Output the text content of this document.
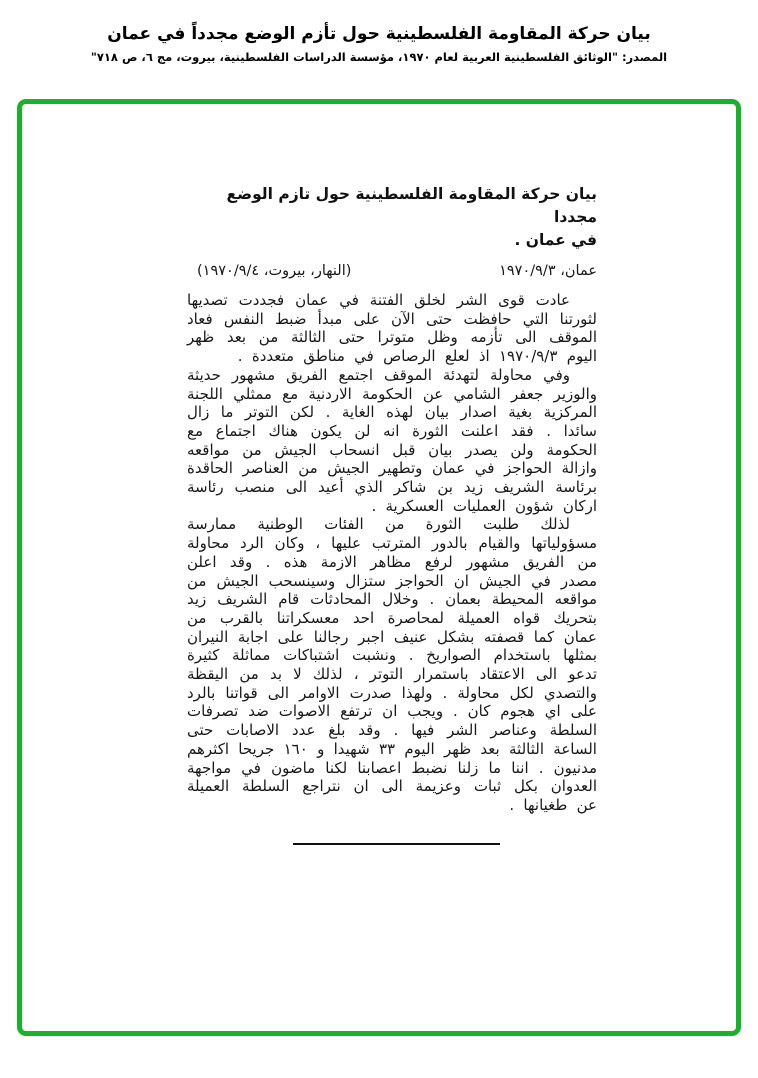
بيان حركة المقاومة الفلسطينية حول تأزم الوضع مجدداً في عمان
المصدر: "الوثائق الفلسطينية العربية لعام ١٩٧٠، مؤسسة الدراسات الفلسطينية، بيروت، مج ٦، ص ٧١٨"
بيان حركة المقاومة الفلسطينية حول تازم الوضع مجددا
في عمان .
عمان، ١٩٧٠/٩/٣
(النهار، بيروت، ١٩٧٠/٩/٤)

عادت قوى الشر لخلق الفتنة في عمان فجددت تصديها لثورتنا التي حافظت حتى الآن على مبدأ ضبط النفس فعاد الموقف الى تأزمه وظل متوترا حتى الثالثة من بعد ظهر اليوم ١٩٧٠/٩/٣ اذ لعلع الرصاص في مناطق متعددة .

وفي محاولة لتهدئة الموقف اجتمع الفريق مشهور حديثة والوزير جعفر الشامي عن الحكومة الاردنية مع ممثلي اللجنة المركزية بغية اصدار بيان لهذه الغاية . لكن التوتر ما زال سائدا . فقد اعلنت الثورة انه لن يكون هناك اجتماع مع الحكومة ولن يصدر بيان قبل انسحاب الجيش من مواقعه وازالة الحواجز في عمان وتطهير الجيش من العناصر الحاقدة برئاسة الشريف زيد بن شاكر الذي أعيد الى منصب رئاسة اركان شؤون العمليات العسكرية .

لذلك طلبت الثورة من الفئات الوطنية ممارسة مسؤولياتها والقيام بالدور المترتب عليها ، وكان الرد محاولة من الفريق مشهور لرفع مظاهر الازمة هذه . وقد اعلن مصدر في الجيش ان الحواجز ستزال وسينسحب الجيش من مواقعه المحيطة بعمان . وخلال المحادثات قام الشريف زيد بتحريك قواه العميلة لمحاصرة احد معسكراتنا بالقرب من عمان كما قصفته بشكل عنيف اجبر رجالنا على اجابة النيران بمثلها باستخدام الصواريخ . ونشبت اشتباكات مماثلة كثيرة تدعو الى الاعتقاد باستمرار التوتر ، لذلك لا بد من اليقظة والتصدي لكل محاولة . ولهذا صدرت الاوامر الى قواتنا بالرد على اي هجوم كان . ويجب ان ترتفع الاصوات ضد تصرفات السلطة وعناصر الشر فيها . وقد بلغ عدد الاصابات حتى الساعة الثالثة بعد ظهر اليوم ٣٣ شهيدا و ١٦٠ جريحا اكثرهم مدنيون . اننا ما زلنا نضبط اعصابنا لكنا ماضون في مواجهة العدوان بكل ثبات وعزيمة الى ان نتراجع السلطة العميلة عن طغيانها .
